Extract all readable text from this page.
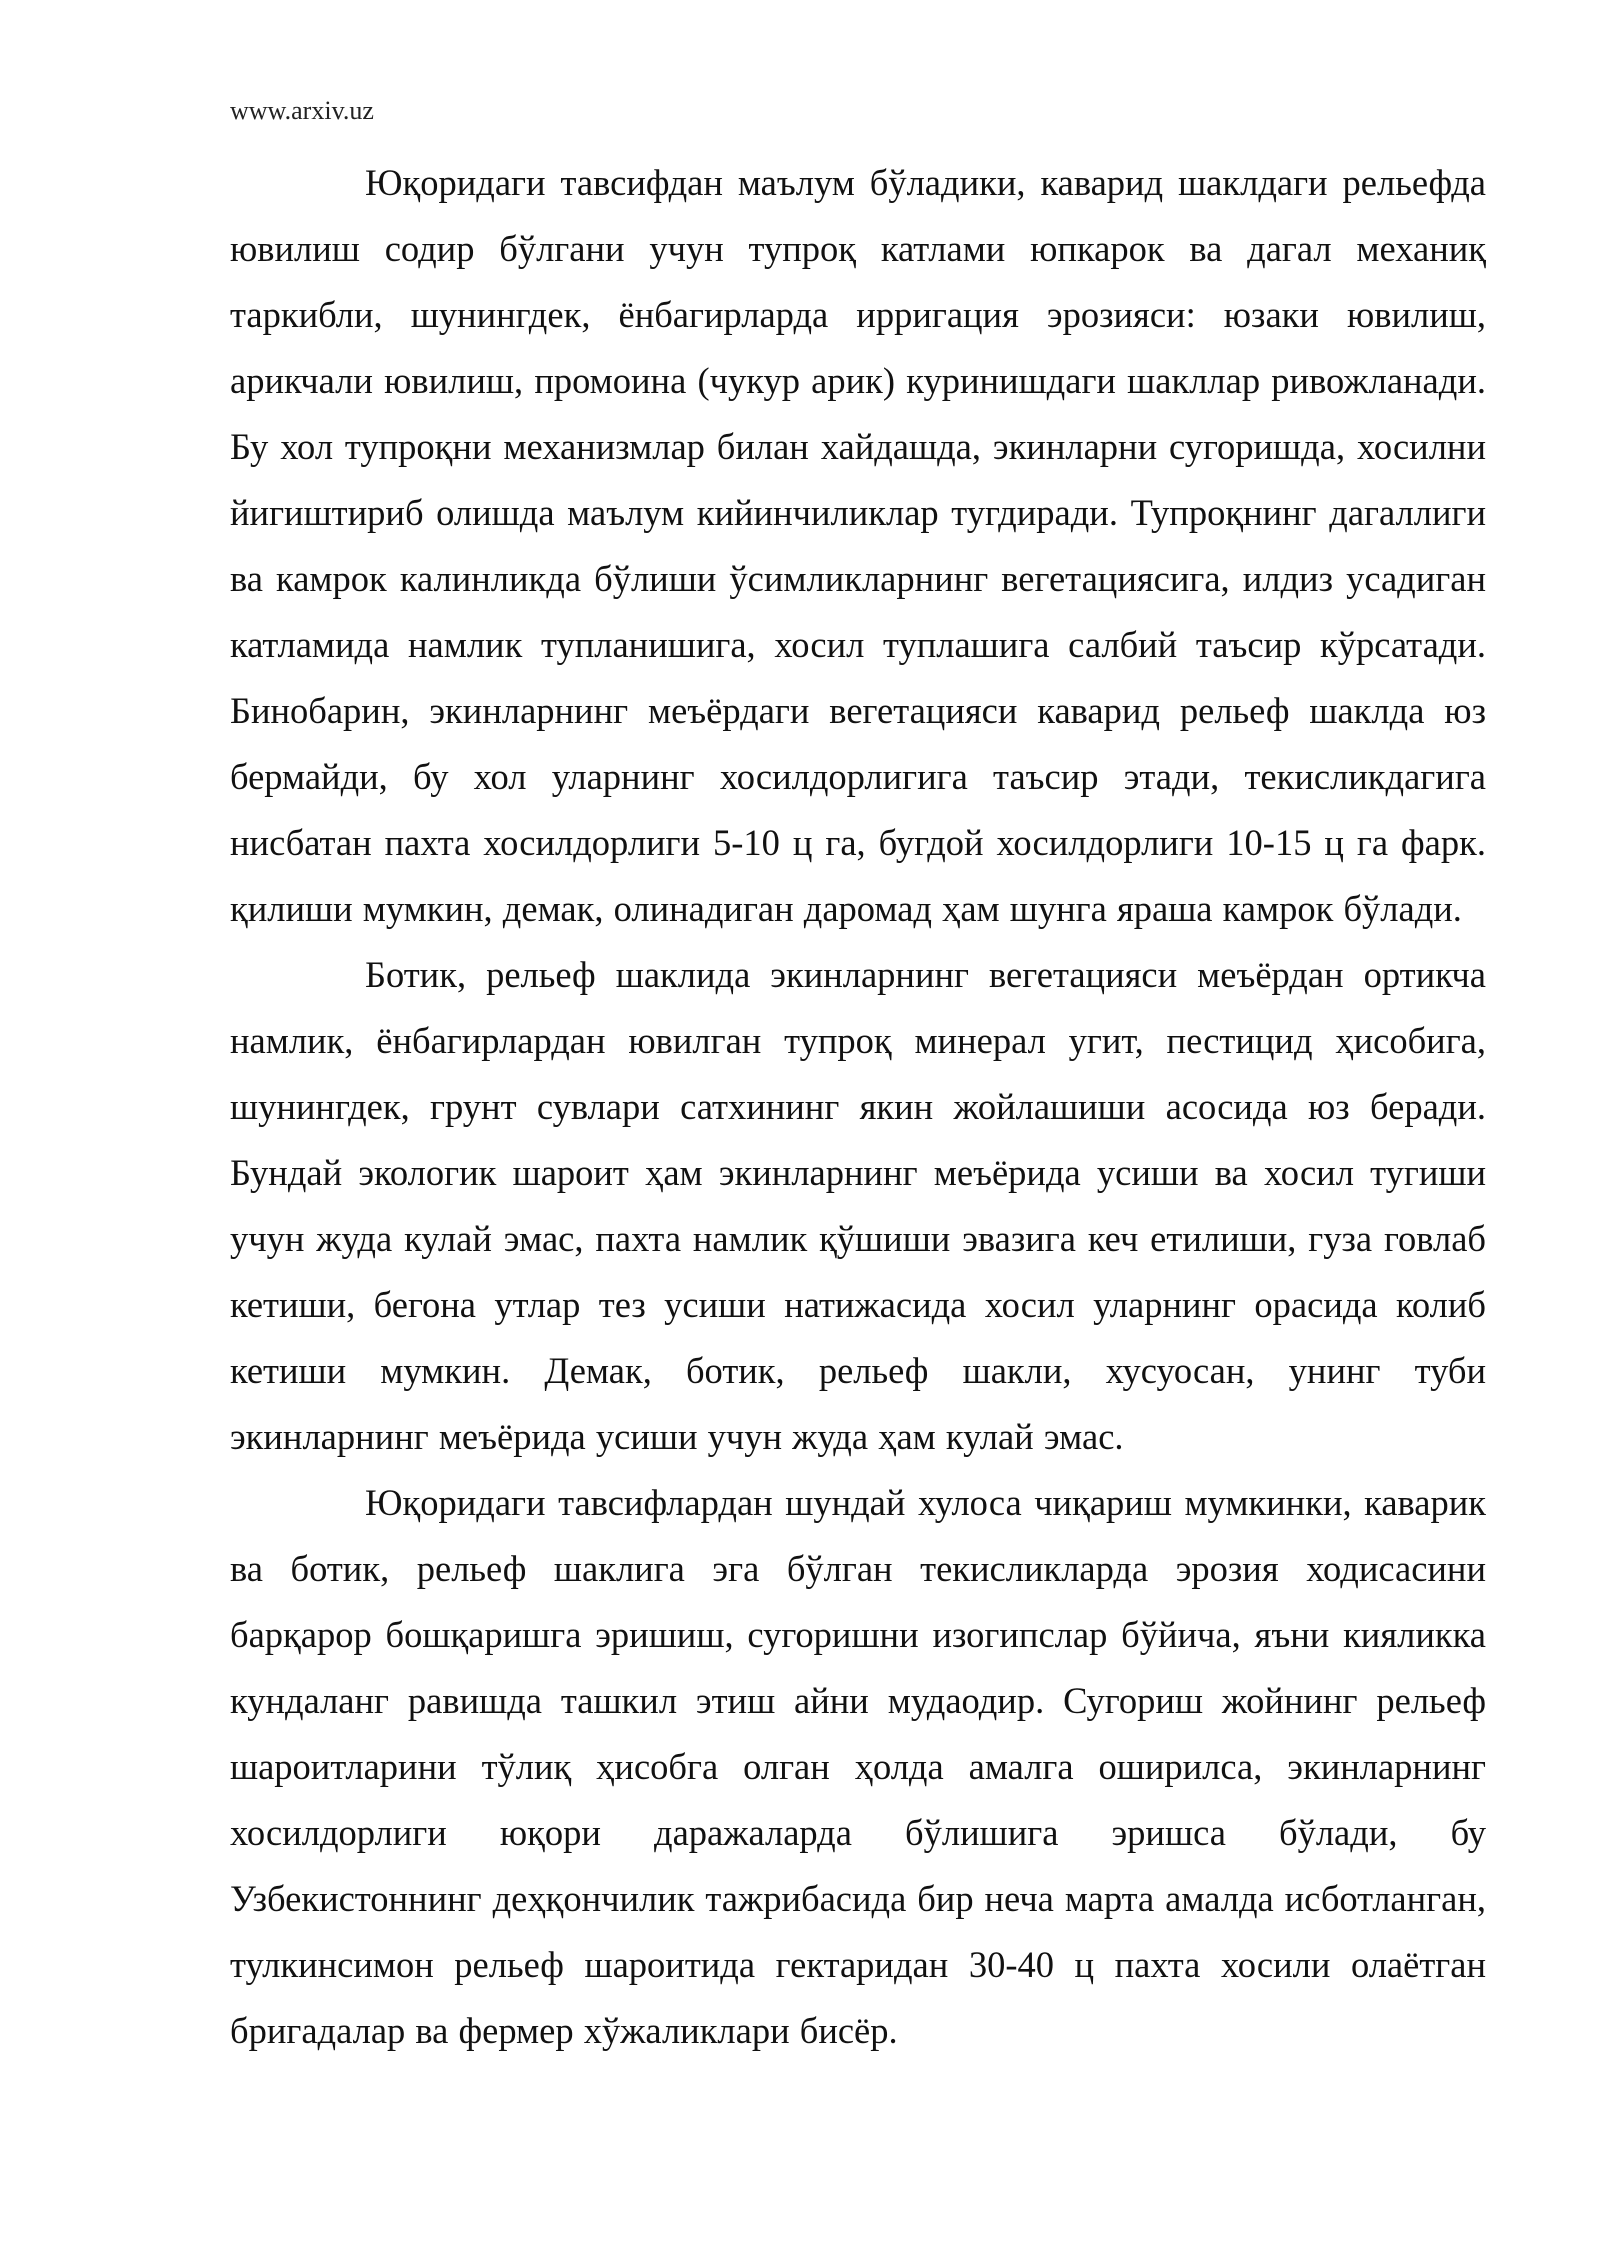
www.arxiv.uz

Юқоридаги тавсифдан маълум бўладики, каварид шаклдаги рельефда ювилиш содир бўлгани учун тупроқ катлами юпкарок ва дагал механиқ таркибли, шунингдек, ёнбагирларда ирригация эрозияси: юзаки ювилиш, арикчали ювилиш, промоина (чукур арик) куринишдаги шакллар ривожланади. Бу хол тупроқни механизмлар билан хайдашда, экинларни сугоришда, хосилни йигиштириб олишда маълум кийинчиликлар тугдиради. Тупроқнинг дагаллиги ва камрок калинликда бўлиши ўсимликларнинг вегетациясига, илдиз усадиган катламида намлик тупланишига, хосил туплашига салбий таъсир кўрсатади. Бинобарин, экинларнинг меъёрдаги вегетацияси каварид рельеф шаклда юз бермайди, бу хол уларнинг хосилдорлигига таъсир этади, текисликдагига нисбатан пахта хосилдорлиги 5-10 ц га, бугдой хосилдорлиги 10-15 ц га фарк. қилиши мумкин, демак, олинадиган даромад ҳам шунга яраша камрок бўлади.

Ботик, рельеф шаклида экинларнинг вегетацияси меъёрдан ортикча намлик, ёнбагирлардан ювилган тупроқ минерал угит, пестицид ҳисобига, шунингдек, грунт сувлари сатхининг якин жойлашиши асосида юз беради. Бундай экологик шароит ҳам экинларнинг меъёрида усиши ва хосил тугиши учун жуда кулай эмас, пахта намлик қўшиши эвазига кеч етилиши, гуза говлаб кетиши, бегона утлар тез усиши натижасида хосил уларнинг орасида колиб кетиши мумкин. Демак, ботик, рельеф шакли, хусуосан, унинг туби экинларнинг меъёрида усиши учун жуда ҳам кулай эмас.

Юқоридаги тавсифлардан шундай хулоса чиқариш мумкинки, каварик ва ботик, рельеф шаклига эга бўлган текисликларда эрозия ходисасини барқарор бошқаришга эришиш, сугоришни изогипслар бўйича, яъни кияликка кундаланг равишда ташкил этиш айни мудаодир. Сугориш жойнинг рельеф шароитларини тўлиқ ҳисобга олган ҳолда амалга оширилса, экинларнинг хосилдорлиги юқори даражаларда бўлишига эришса бўлади, бу Узбекистоннинг деҳқончилик тажрибасида бир неча марта амалда исботланган, тулкинсимон рельеф шароитида гектаридан 30-40 ц пахта хосили олаётган бригадалар ва фермер хўжаликлари бисёр.
